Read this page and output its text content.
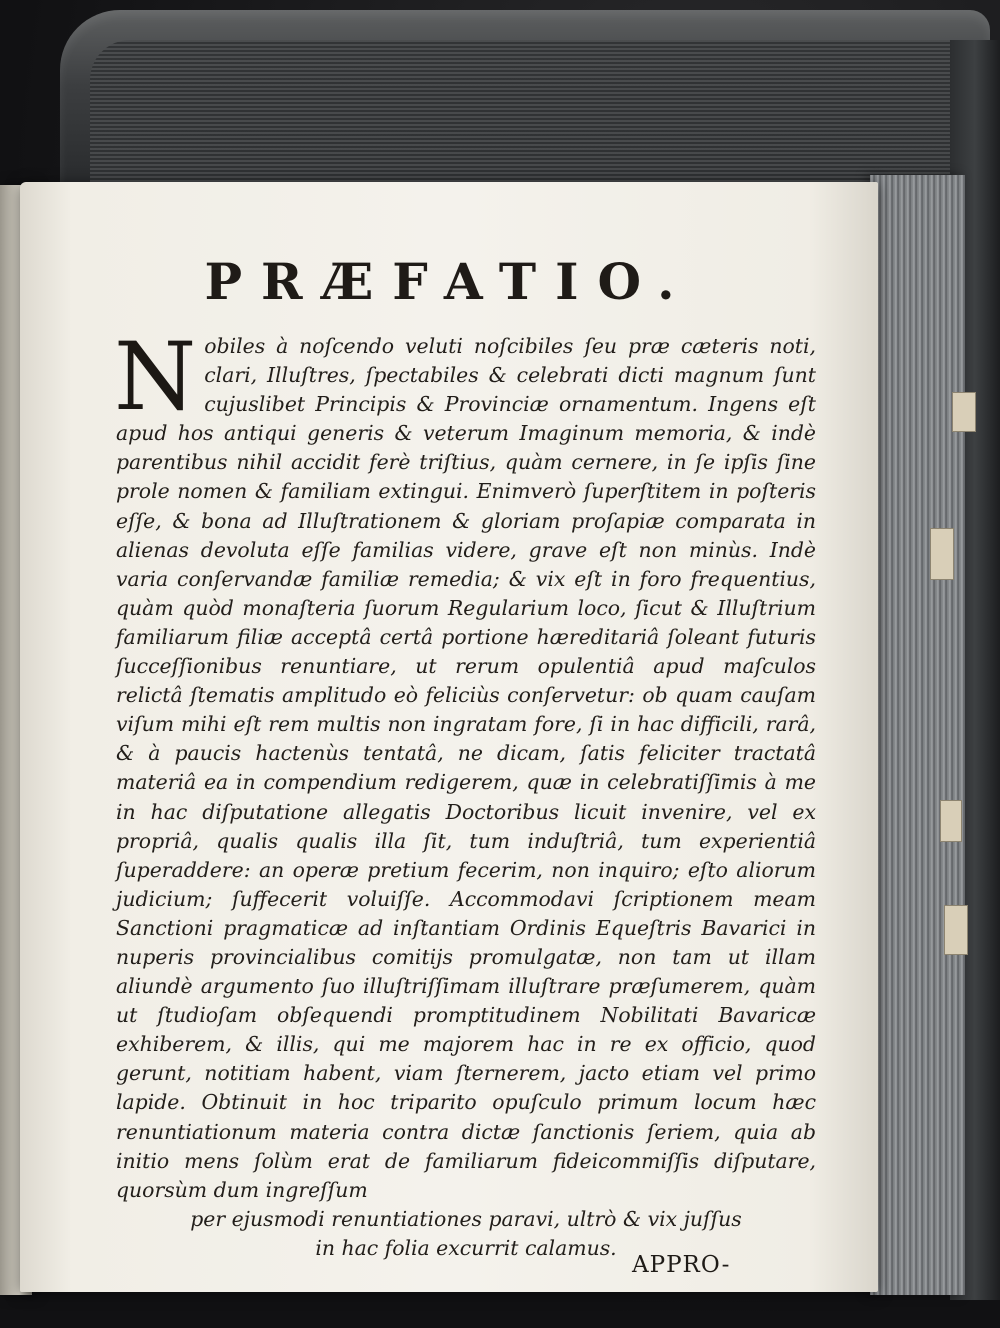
PRÆFATIO.

Nobiles à noſcendo veluti noſcibiles ſeu præ cæteris noti, clari, Illuſtres, ſpectabiles & celebrati dicti magnum ſunt cujuslibet Principis & Provinciæ ornamentum. Ingens eſt apud hos antiqui generis & veterum Imaginum memoria, & indè parentibus nihil accidit ferè triſtius, quàm cernere, in ſe ipſis ſine prole nomen & familiam extingui. Enimverò ſuperſtitem in poſteris eſſe, & bona ad Illuſtrationem & gloriam proſapiæ comparata in alienas devoluta eſſe familias videre, grave eſt non minùs. Indè varia conſervandæ familiæ remedia; & vix eſt in foro frequentius, quàm quòd monaſteria ſuorum Regularium loco, ſicut & Illuſtrium familiarum filiæ acceptâ certâ portione hæreditariâ ſoleant futuris ſucceſſionibus renuntiare, ut rerum opulentiâ apud maſculos relictâ ſtematis amplitudo eò feliciùs conſervetur: ob quam cauſam viſum mihi eſt rem multis non ingratam fore, ſi in hac difficili, rarâ, & à paucis hactenùs tentatâ, ne dicam, ſatis feliciter tractatâ materiâ ea in compendium redigerem, quæ in celebratiſſimis à me in hac diſputatione allegatis Doctoribus licuit invenire, vel ex propriâ, qualis qualis illa ſit, tum induſtriâ, tum experientiâ ſuperaddere: an operæ pretium fecerim, non inquiro; eſto aliorum judicium; ſuffecerit voluiſſe. Accommodavi ſcriptionem meam Sanctioni pragmaticæ ad inſtantiam Ordinis Equeſtris Bavarici in nuperis provincialibus comitijs promulgatæ, non tam ut illam aliundè argumento ſuo illuſtriſſimam illuſtrare præſumerem, quàm ut ſtudioſam obſequendi promptitudinem Nobilitati Bavaricæ exhiberem, & illis, qui me majorem hac in re ex officio, quod gerunt, notitiam habent, viam ſternerem, jacto etiam vel primo lapide. Obtinuit in hoc triparito opuſculo primum locum hæc renuntiationum materia contra dictæ ſanctionis ſeriem, quia ab initio mens ſolùm erat de familiarum fideicommiſſis diſputare, quorsùm dum ingreſſum

per ejusmodi renuntiationes paravi, ultrò & vix juſſus
in hac folia excurrit calamus.
APPRO-
